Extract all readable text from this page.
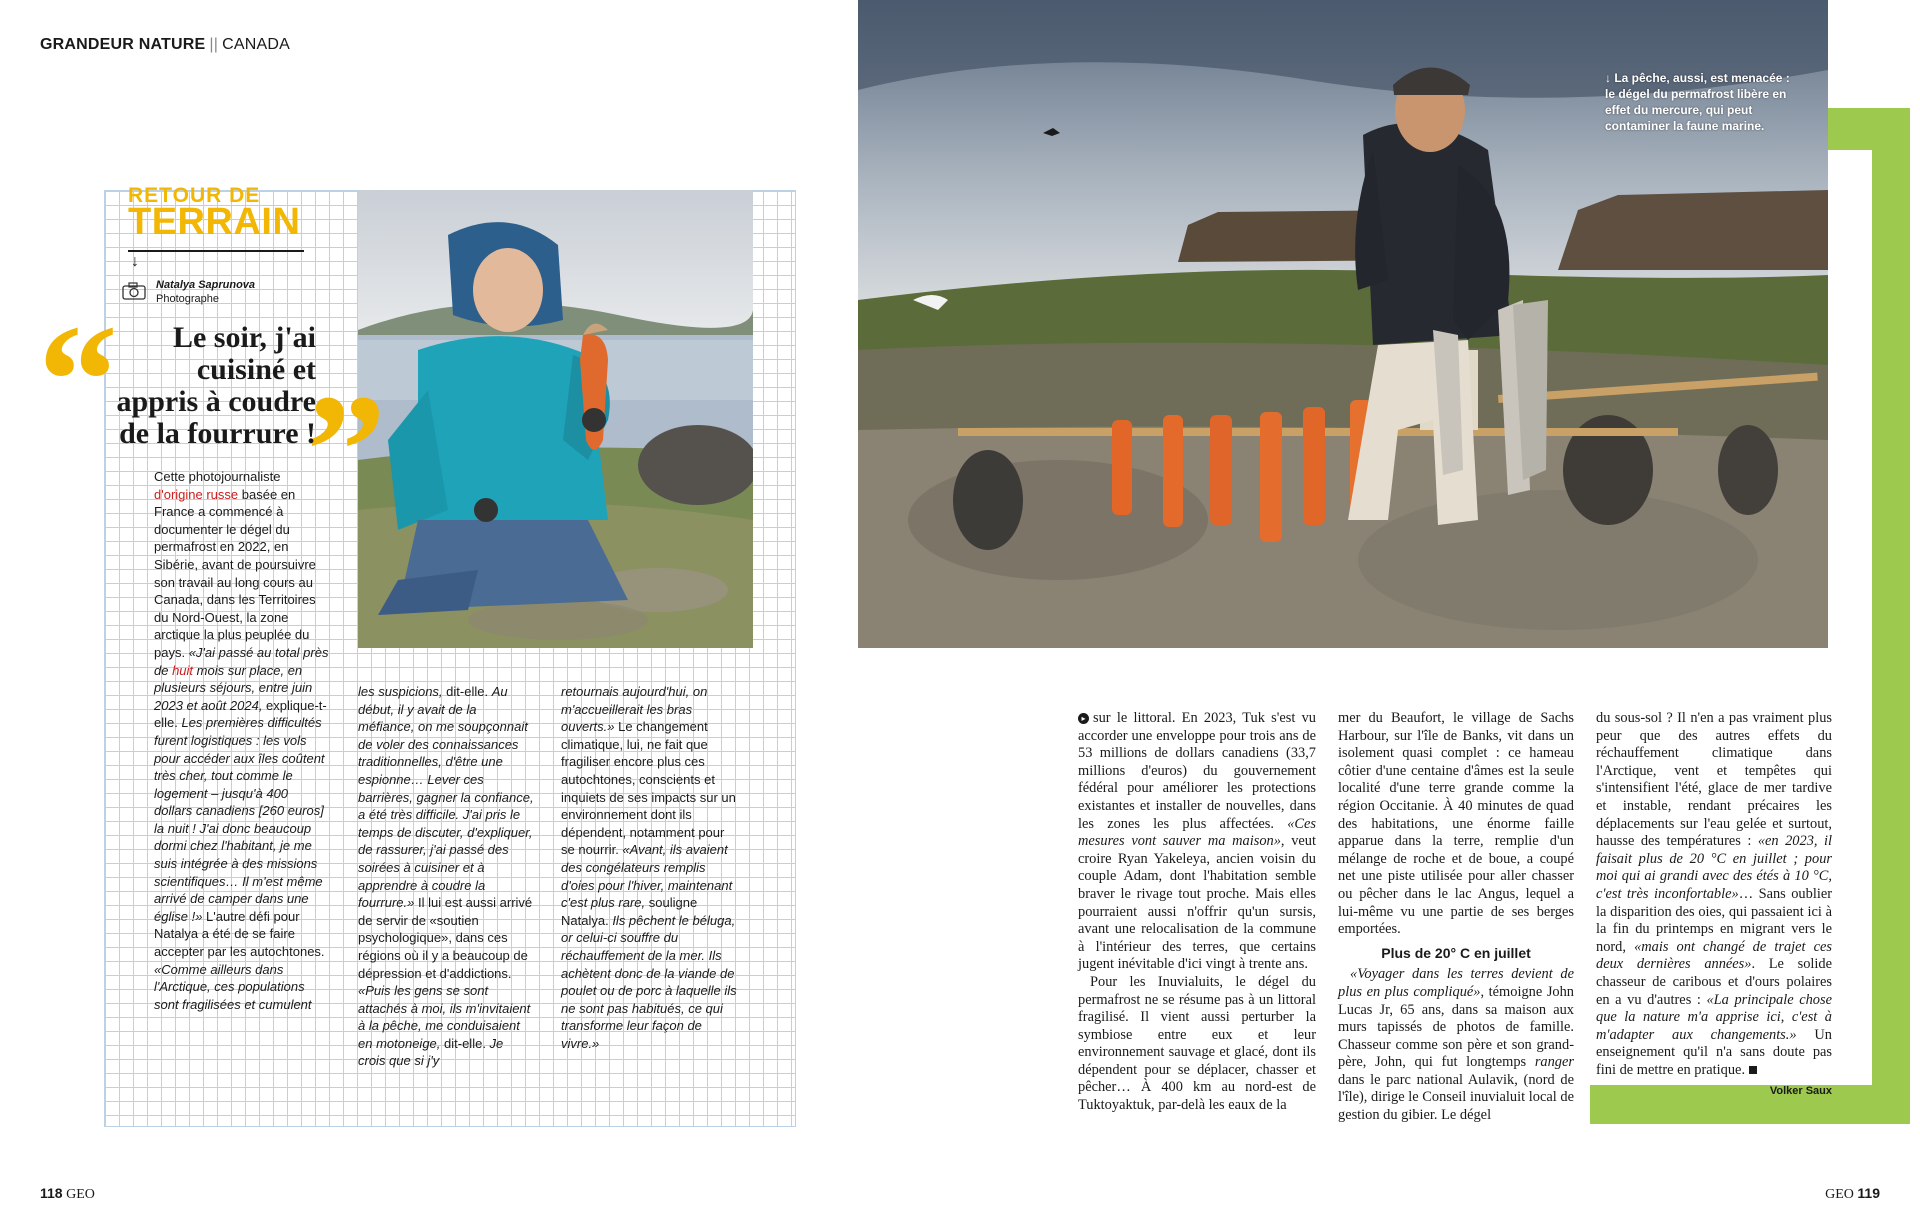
GRANDEUR NATURE || CANADA
RETOUR DE
TERRAIN
↓
Natalya Saprunova
Photographe
“ ”
Le soir, j'ai
cuisiné et
appris à coudre
de la fourrure !
Cette photojournaliste d'origine russe basée en France a commencé à documenter le dégel du permafrost en 2022, en Sibérie, avant de poursuivre son travail au long cours au Canada, dans les Territoires du Nord-Ouest, la zone arctique la plus peuplée du pays. «J'ai passé au total près de huit mois sur place, en plusieurs séjours, entre juin 2023 et août 2024, explique-t-elle. Les premières difficultés furent logistiques : les vols pour accéder aux îles coûtent très cher, tout comme le logement – jusqu'à 400 dollars canadiens [260 euros] la nuit ! J'ai donc beaucoup dormi chez l'habitant, je me suis intégrée à des missions scientifiques… Il m'est même arrivé de camper dans une église !» L'autre défi pour Natalya a été de se faire accepter par les autochtones. «Comme ailleurs dans l'Arctique, ces populations sont fragilisées et cumulent
les suspicions, dit-elle. Au début, il y avait de la méfiance, on me soupçonnait de voler des connaissances traditionnelles, d'être une espionne… Lever ces barrières, gagner la confiance, a été très difficile. J'ai pris le temps de discuter, d'expliquer, de rassurer, j'ai passé des soirées à cuisiner et à apprendre à coudre la fourrure.» Il lui est aussi arrivé de servir de «soutien psychologique», dans ces régions où il y a beaucoup de dépression et d'addictions. «Puis les gens se sont attachés à moi, ils m'invitaient à la pêche, me conduisaient en motoneige, dit-elle. Je crois que si j'y
retournais aujourd'hui, on m'accueillerait les bras ouverts.» Le changement climatique, lui, ne fait que fragiliser encore plus ces autochtones, conscients et inquiets de ses impacts sur un environnement dont ils dépendent, notamment pour se nourrir. «Avant, ils avaient des congélateurs remplis d'oies pour l'hiver, maintenant c'est plus rare, souligne Natalya. Ils pêchent le béluga, or celui-ci souffre du réchauffement de la mer. Ils achètent donc de la viande de poulet ou de porc à laquelle ils ne sont pas habitués, ce qui transforme leur façon de vivre.»
↓ La pêche, aussi, est menacée : le dégel du permafrost libère en effet du mercure, qui peut contaminer la faune marine.
▸ sur le littoral. En 2023, Tuk s'est vu accorder une enveloppe pour trois ans de 53 millions de dollars canadiens (33,7 millions d'euros) du gouvernement fédéral pour améliorer les protections existantes et installer de nouvelles, dans les zones les plus affectées. «Ces mesures vont sauver ma maison», veut croire Ryan Yakeleya, ancien voisin du couple Adam, dont l'habitation semble braver le rivage tout proche. Mais elles pourraient aussi n'offrir qu'un sursis, avant une relocalisation de la commune à l'intérieur des terres, que certains jugent inévitable d'ici vingt à trente ans.
Pour les Inuvialuits, le dégel du permafrost ne se résume pas à un littoral fragilisé. Il vient aussi perturber la symbiose entre eux et leur environnement sauvage et glacé, dont ils dépendent pour se déplacer, chasser et pêcher… À 400 km au nord-est de Tuktoyaktuk, par-delà les eaux de la
mer du Beaufort, le village de Sachs Harbour, sur l'île de Banks, vit dans un isolement quasi complet : ce hameau côtier d'une centaine d'âmes est la seule localité d'une terre grande comme la région Occitanie. À 40 minutes de quad des habitations, une énorme faille apparue dans la terre, remplie d'un mélange de roche et de boue, a coupé net une piste utilisée pour aller chasser ou pêcher dans le lac Angus, lequel a lui-même vu une partie de ses berges emportées.
Plus de 20° C en juillet
«Voyager dans les terres devient de plus en plus compliqué», témoigne John Lucas Jr, 65 ans, dans sa maison aux murs tapissés de photos de famille. Chasseur comme son père et son grand-père, John, qui fut longtemps ranger dans le parc national Aulavik, (nord de l'île), dirige le Conseil inuvialuit local de gestion du gibier. Le dégel
du sous-sol ? Il n'en a pas vraiment plus peur que des autres effets du réchauffement climatique dans l'Arctique, vent et tempêtes qui s'intensifient l'été, glace de mer tardive et instable, rendant précaires les déplacements sur l'eau gelée et surtout, hausse des températures : «en 2023, il faisait plus de 20 °C en juillet ; pour moi qui ai grandi avec des étés à 10 °C, c'est très inconfortable»… Sans oublier la disparition des oies, qui passaient ici à la fin du printemps en migrant vers le nord, «mais ont changé de trajet ces deux dernières années». Le solide chasseur de caribous et d'ours polaires en a vu d'autres : «La principale chose que la nature m'a apprise ici, c'est à m'adapter aux changements.» Un enseignement qu'il n'a sans doute pas fini de mettre en pratique.
Volker Saux
118 GEO	GEO 119
